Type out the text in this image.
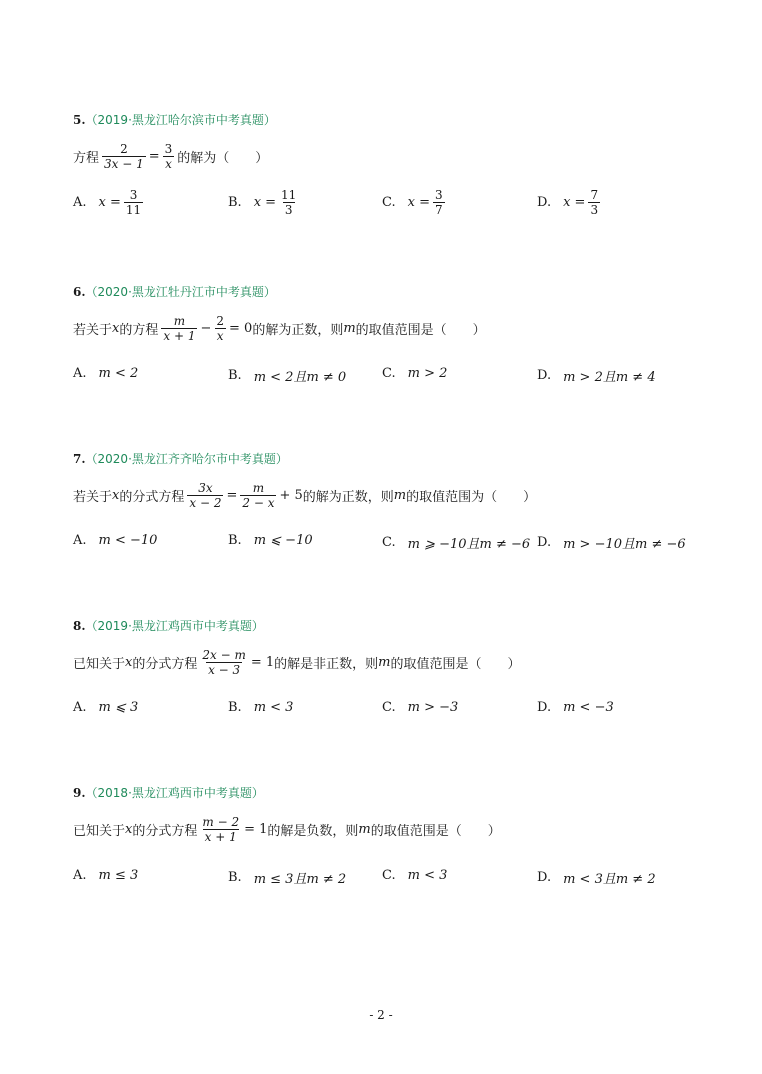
5.（2019·黑龙江哈尔滨市中考真题）
方程 $\frac{2}{3x - 1} = \frac{3}{x}$ 的解为（　　）
A. $x = \frac{3}{11}$	B. $x = \frac{11}{3}$	C. $x = \frac{3}{7}$	D. $x = \frac{7}{3}$
6.（2020·黑龙江牡丹江市中考真题）
若关于 x 的方程 $\frac{m}{x + 1} - \frac{2}{x} = 0$ 的解为正数，则 m 的取值范围是（　　）
A. m < 2	B. m < 2且m ≠ 0	C. m > 2	D. m > 2且m ≠ 4
7.（2020·黑龙江齐齐哈尔市中考真题）
若关于 x 的分式方程 $\frac{3x}{x - 2} = \frac{m}{2 - x} + 5$ 的解为正数，则 m 的取值范围为（　　）
A. m < −10	B. m ⩽ −10	C. m ⩾ −10且m ≠ −6 D. m > −10且m ≠ −6
8.（2019·黑龙江鸡西市中考真题）
已知关于 x 的分式方程 $\frac{2x - m}{x - 3} = 1$ 的解是非正数，则 m 的取值范围是（　　）
A. m ⩽ 3	B. m < 3	C. m > −3	D. m < −3
9.（2018·黑龙江鸡西市中考真题）
已知关于 x 的分式方程 $\frac{m - 2}{x + 1} = 1$ 的解是负数，则 m 的取值范围是（　　）
A. m ≤ 3	B. m ≤ 3且m ≠ 2	C. m < 3	D. m < 3且m ≠ 2
- 2 -
